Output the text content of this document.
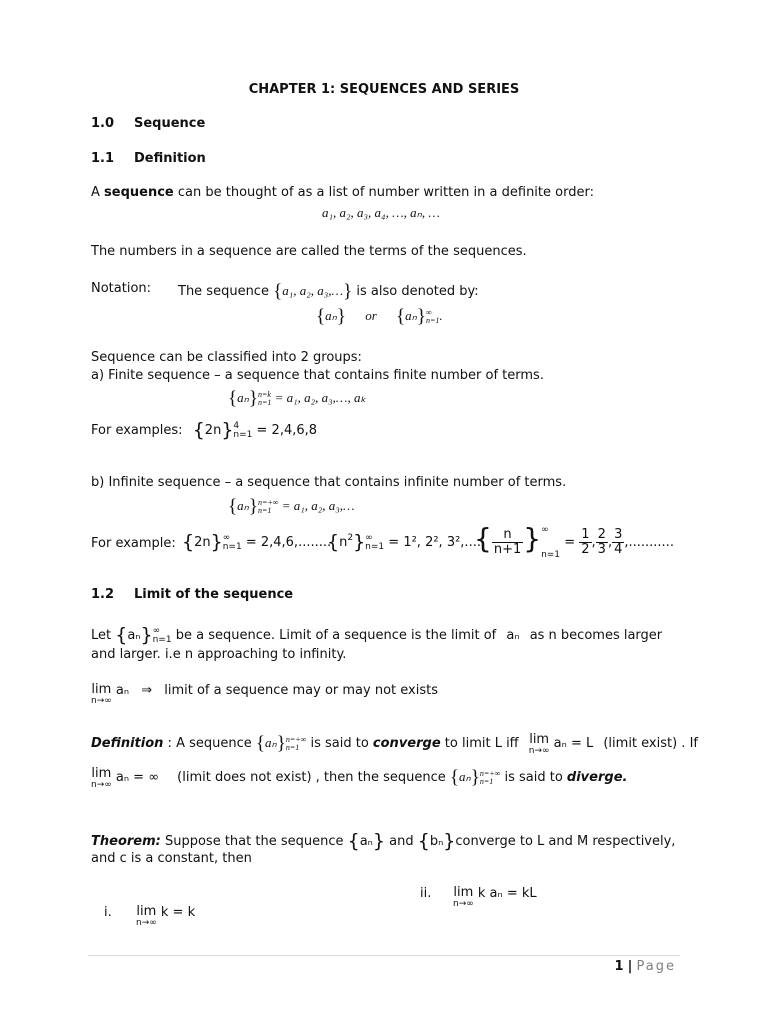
CHAPTER 1: SEQUENCES AND SERIES
1.0 Sequence
1.1 Definition
A sequence can be thought of as a list of number written in a definite order:
a₁, a₂, a₃, a₄, …, aₙ, …
The numbers in a sequence are called the terms of the sequences.
Notation: The sequence {a₁, a₂, a₃,…} is also denoted by:
{aₙ} or {aₙ} ∞
n=1 .
Sequence can be classified into 2 groups:
a) Finite sequence – a sequence that contains finite number of terms.
{aₙ} n=k
n=1 = a₁, a₂, a₃,…, aₖ
For examples: {2n} 4
n=1 = 2,4,6,8
b) Infinite sequence – a sequence that contains infinite number of terms.
{aₙ} n=+∞
n=1 = a₁, a₂, a₃,…
For example: {2n} ∞
n=1 = 2,4,6,........
$\{n^2\}$ ∞
n=1 = 1², 2², 3²,.....
{ $\frac{n}{n+1}$ } ∞
n=1
= $\frac{1}{2}$ , $\frac{2}{3}$ , $\frac{3}{4}$ ,...........
1.2 Limit of the sequence
Let {aₙ} ∞
n=1 be a sequence. Limit of a sequence is the limit of aₙ as n becomes larger
and larger. i.e n approaching to infinity.
lim
n→∞
aₙ ⇒ limit of a sequence may or may not exists
Definition : A sequence {aₙ} n=+∞
n=1 is said to converge to limit L iff lim
n→∞ aₙ = L (limit exist) . If
lim
n→∞ aₙ = ∞ (limit does not exist) , then the sequence {aₙ} n=+∞
n=1 is said to diverge.
Theorem: Suppose that the sequence {aₙ} and {bₙ}converge to L and M respectively,
and c is a constant, then
ii. lim
n→∞
k aₙ = kL
i. lim
n→∞
k = k
1 | Page
